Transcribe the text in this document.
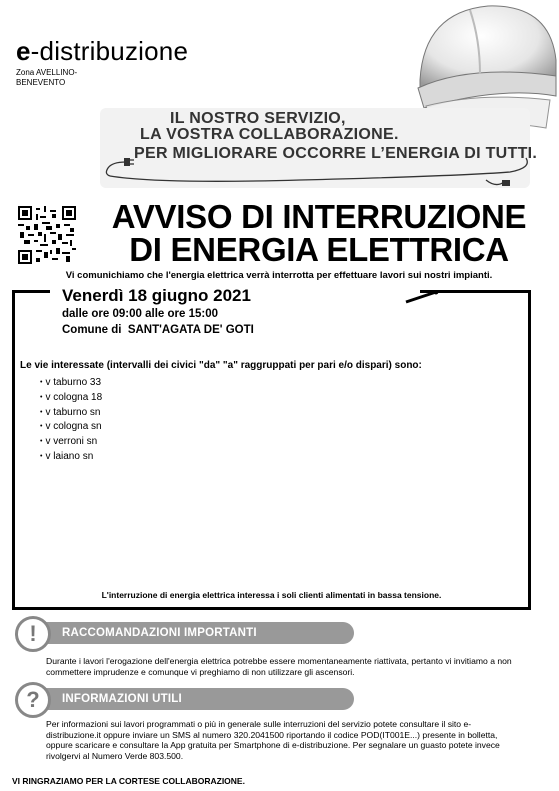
e-distribuzione
Zona AVELLINO-BENEVENTO
IL NOSTRO SERVIZIO,
LA VOSTRA COLLABORAZIONE.
PER MIGLIORARE OCCORRE L’ENERGIA DI TUTTI.
AVVISO DI INTERRUZIONE
DI ENERGIA ELETTRICA
Vi comunichiamo che l'energia elettrica verrà interrotta per effettuare lavori sui nostri impianti.
Venerdì 18 giugno 2021
dalle ore 09:00 alle ore 15:00
Comune di SANT'AGATA DE' GOTI
Le vie interessate (intervalli dei civici "da" "a" raggruppati per pari e/o dispari) sono:
• v taburno 33
• v cologna 18
• v taburno sn
• v cologna sn
• v verroni sn
• v laiano sn
L'interruzione di energia elettrica interessa i soli clienti alimentati in bassa tensione.
RACCOMANDAZIONI IMPORTANTI
!
Durante i lavori l'erogazione dell'energia elettrica potrebbe essere momentaneamente riattivata, pertanto vi invitiamo a non commettere imprudenze e comunque vi preghiamo di non utilizzare gli ascensori.
INFORMAZIONI UTILI
?
Per informazioni sui lavori programmati o più in generale sulle interruzioni del servizio potete consultare il sito e-distribuzione.it oppure inviare un SMS al numero 320.2041500 riportando il codice POD(IT001E...) presente in bolletta, oppure scaricare e consultare la App gratuita per Smartphone di e-distribuzione. Per segnalare un guasto potete invece rivolgervi al Numero Verde 803.500.
VI RINGRAZIAMO PER LA CORTESE COLLABORAZIONE.
